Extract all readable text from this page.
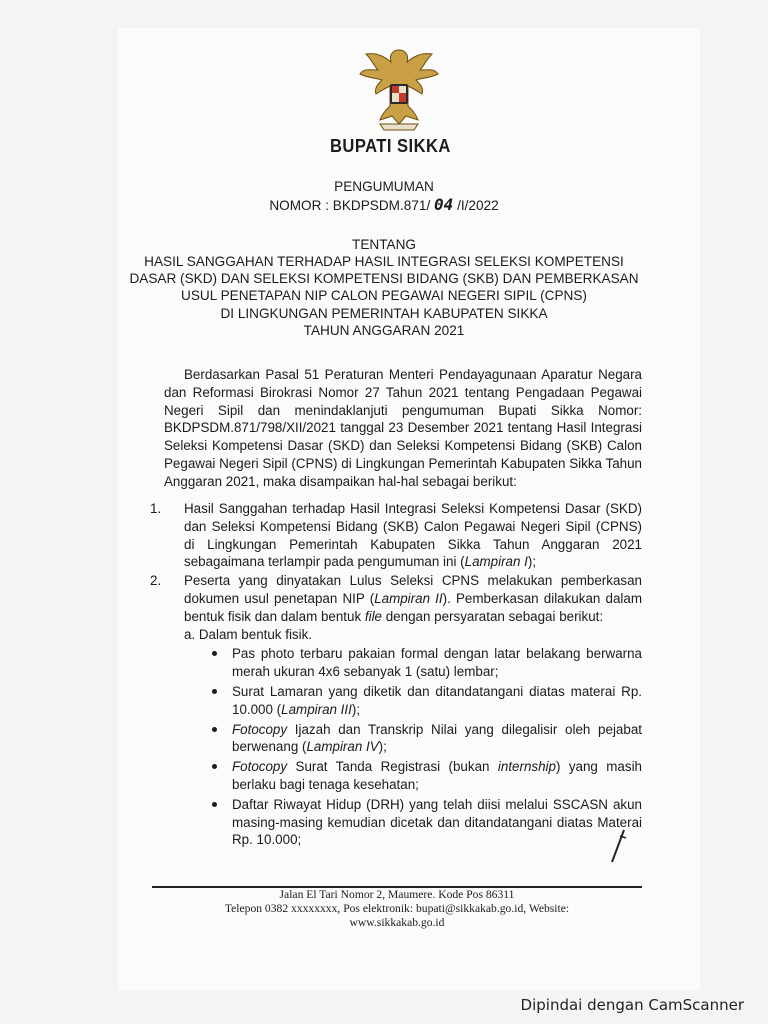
BUPATI SIKKA
PENGUMUMAN
NOMOR : BKDPSDM.871/ 04 /I/2022
TENTANG
HASIL SANGGAHAN TERHADAP HASIL INTEGRASI SELEKSI KOMPETENSI
DASAR (SKD) DAN SELEKSI KOMPETENSI BIDANG (SKB) DAN PEMBERKASAN
USUL PENETAPAN NIP CALON PEGAWAI NEGERI SIPIL (CPNS)
DI LINGKUNGAN PEMERINTAH KABUPATEN SIKKA
TAHUN ANGGARAN 2021
Berdasarkan Pasal 51 Peraturan Menteri Pendayagunaan Aparatur Negara dan Reformasi Birokrasi Nomor 27 Tahun 2021 tentang Pengadaan Pegawai Negeri Sipil dan menindaklanjuti pengumuman Bupati Sikka Nomor: BKDPSDM.871/798/XII/2021 tanggal 23 Desember 2021 tentang Hasil Integrasi Seleksi Kompetensi Dasar (SKD) dan Seleksi Kompetensi Bidang (SKB) Calon Pegawai Negeri Sipil (CPNS) di Lingkungan Pemerintah Kabupaten Sikka Tahun Anggaran 2021, maka disampaikan hal-hal sebagai berikut:
1. Hasil Sanggahan terhadap Hasil Integrasi Seleksi Kompetensi Dasar (SKD) dan Seleksi Kompetensi Bidang (SKB) Calon Pegawai Negeri Sipil (CPNS) di Lingkungan Pemerintah Kabupaten Sikka Tahun Anggaran 2021 sebagaimana terlampir pada pengumuman ini (Lampiran I);
2. Peserta yang dinyatakan Lulus Seleksi CPNS melakukan pemberkasan dokumen usul penetapan NIP (Lampiran II). Pemberkasan dilakukan dalam bentuk fisik dan dalam bentuk file dengan persyaratan sebagai berikut:
a. Dalam bentuk fisik.
Pas photo terbaru pakaian formal dengan latar belakang berwarna merah ukuran 4x6 sebanyak 1 (satu) lembar;
Surat Lamaran yang diketik dan ditandatangani diatas materai Rp. 10.000 (Lampiran III);
Fotocopy Ijazah dan Transkrip Nilai yang dilegalisir oleh pejabat berwenang (Lampiran IV);
Fotocopy Surat Tanda Registrasi (bukan internship) yang masih berlaku bagi tenaga kesehatan;
Daftar Riwayat Hidup (DRH) yang telah diisi melalui SSCASN akun masing-masing kemudian dicetak dan ditandatangani diatas Materai Rp. 10.000;
Jalan El Tari Nomor 2, Maumere. Kode Pos 86311
Telepon 0382 xxxxxxxx, Pos elektronik: bupati@sikkakab.go.id, Website:
www.sikkakab.go.id
Dipindai dengan CamScanner
